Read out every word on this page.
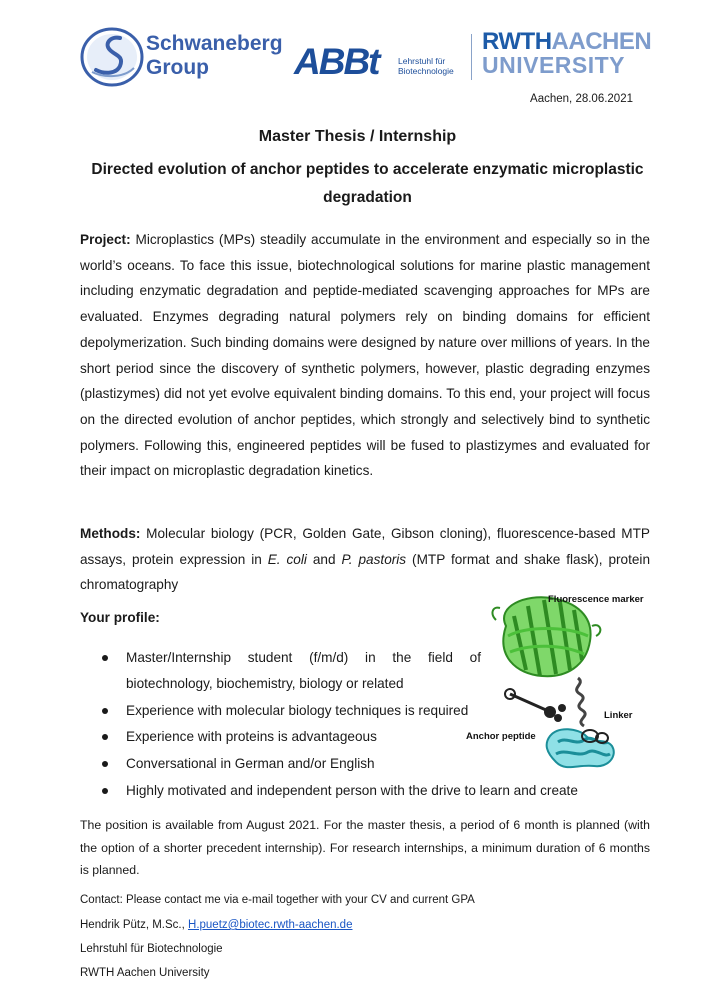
Schwaneberg
Group	ABBt Lehrstuhl für
Biotechnologie
RWTHAACHEN
UNIVERSITY
Aachen, 28.06.2021
Master Thesis / Internship
Directed evolution of anchor peptides to accelerate enzymatic microplastic degradation
Project: Microplastics (MPs) steadily accumulate in the environment and especially so in the world’s oceans. To face this issue, biotechnological solutions for marine plastic management including enzymatic degradation and peptide-mediated scavenging approaches for MPs are evaluated. Enzymes degrading natural polymers rely on binding domains for efficient depolymerization. Such binding domains were designed by nature over millions of years. In the short period since the discovery of synthetic polymers, however, plastic degrading enzymes (plastizymes) did not yet evolve equivalent binding domains. To this end, your project will focus on the directed evolution of anchor peptides, which strongly and selectively bind to synthetic polymers. Following this, engineered peptides will be fused to plastizymes and evaluated for their impact on microplastic degradation kinetics.
Methods: Molecular biology (PCR, Golden Gate, Gibson cloning), fluorescence-based MTP assays, protein expression in E. coli and P. pastoris (MTP format and shake flask), protein chromatography
Your profile:
Master/Internship student (f/m/d) in the field of biotechnology, biochemistry, biology or related
Experience with molecular biology techniques is required
Experience with proteins is advantageous
Conversational in German and/or English
Highly motivated and independent person with the drive to learn and create
Fluorescence marker
Linker
Anchor peptide
The position is available from August 2021. For the master thesis, a period of 6 month is planned (with the option of a shorter precedent internship). For research internships, a minimum duration of 6 months is planned.
Contact: Please contact me via e-mail together with your CV and current GPA
Hendrik Pütz, M.Sc., H.puetz@biotec.rwth-aachen.de
Lehrstuhl für Biotechnologie
RWTH Aachen University
